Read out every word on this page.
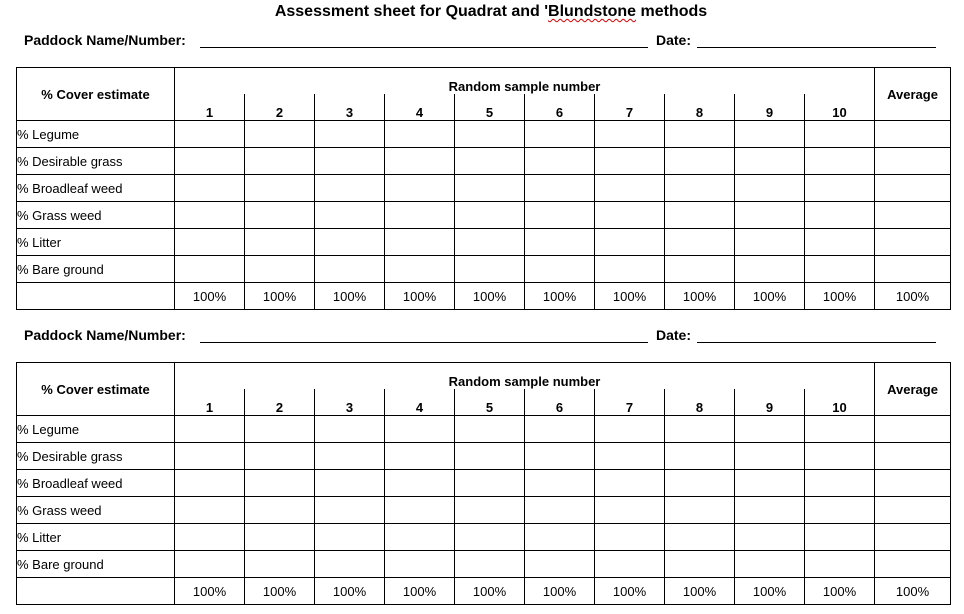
Assessment sheet for Quadrat and 'Blundstone methods
Paddock Name/Number:	Date:
% Cover estimate	Random sample number										Average
	1	2	3	4	5	6	7	8	9	10	
% Legume											
% Desirable grass											
% Broadleaf weed											
% Grass weed											
% Litter											
% Bare ground											
	100%	100%	100%	100%	100%	100%	100%	100%	100%	100%	100%
Paddock Name/Number:	Date:
% Cover estimate	Random sample number										Average
	1	2	3	4	5	6	7	8	9	10	
% Legume											
% Desirable grass											
% Broadleaf weed											
% Grass weed											
% Litter											
% Bare ground											
	100%	100%	100%	100%	100%	100%	100%	100%	100%	100%	100%
